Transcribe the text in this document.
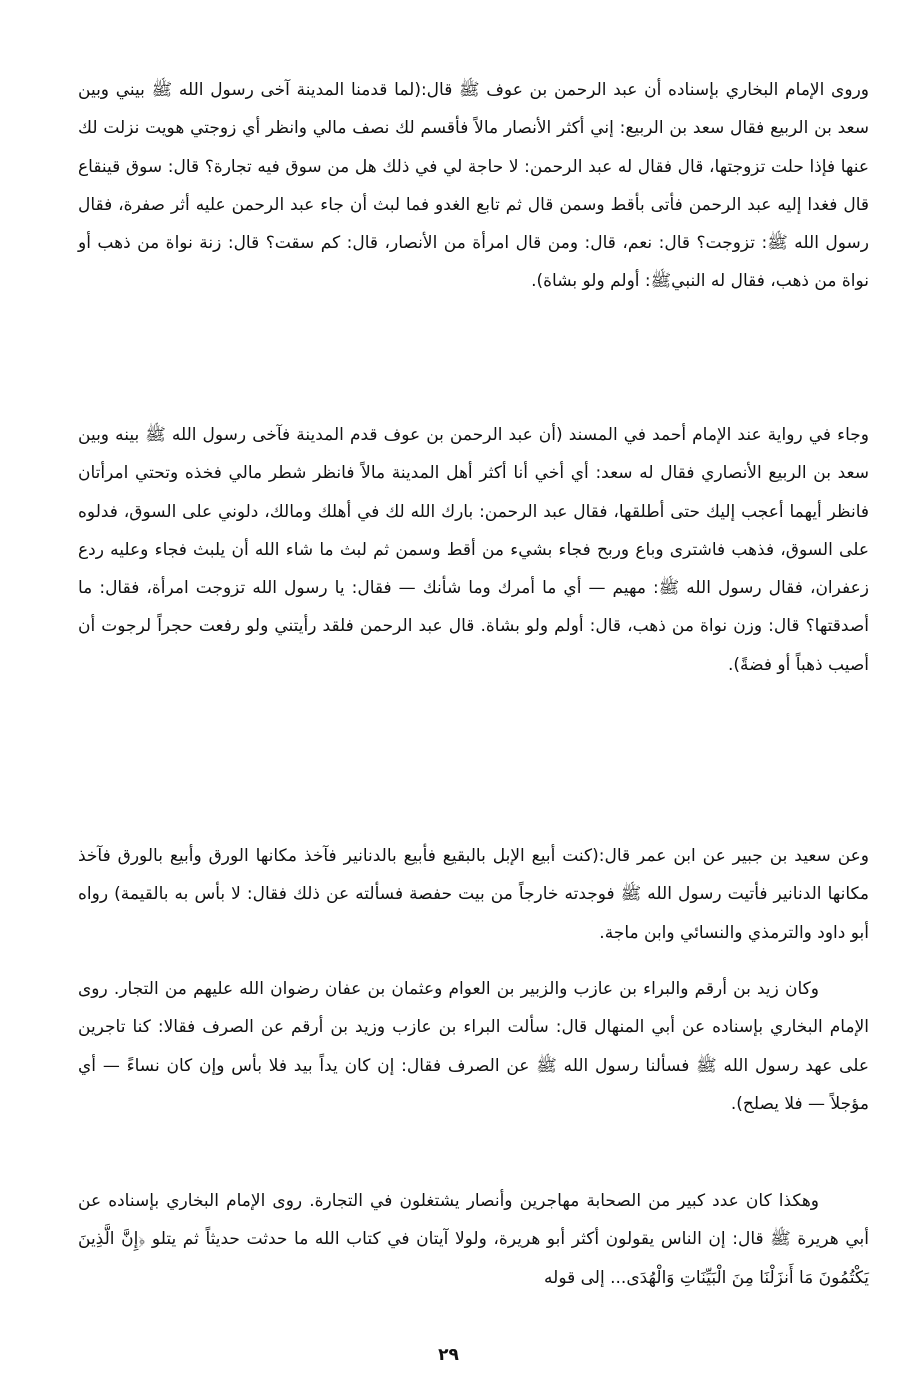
وروى الإمام البخاري بإسناده أن عبد الرحمن بن عوف ﷺ قال:(لما قدمنا المدينة آخى رسول الله ﷺ بيني وبين سعد بن الربيع فقال سعد بن الربيع: إني أكثر الأنصار مالاً فأقسم لك نصف مالي وانظر أي زوجتي هويت نزلت لك عنها فإذا حلت تزوجتها، قال فقال له عبد الرحمن: لا حاجة لي في ذلك هل من سوق فيه تجارة؟ قال: سوق قينقاع قال فغدا إليه عبد الرحمن فأتى بأقط وسمن قال ثم تابع الغدو فما لبث أن جاء عبد الرحمن عليه أثر صفرة، فقال رسول الله ﷺ: تزوجت؟ قال: نعم، قال: ومن قال امرأة من الأنصار، قال: كم سقت؟ قال: زنة نواة من ذهب أو نواة من ذهب، فقال له النبيﷺ: أولم ولو بشاة).

وجاء في رواية عند الإمام أحمد في المسند (أن عبد الرحمن بن عوف قدم المدينة فآخى رسول الله ﷺ بينه وبين سعد بن الربيع الأنصاري فقال له سعد: أي أخي أنا أكثر أهل المدينة مالاً فانظر شطر مالي فخذه وتحتي امرأتان فانظر أيهما أعجب إليك حتى أطلقها، فقال عبد الرحمن: بارك الله لك في أهلك ومالك، دلوني على السوق، فدلوه على السوق، فذهب فاشترى وباع وربح فجاء بشيء من أقط وسمن ثم لبث ما شاء الله أن يلبث فجاء وعليه ردع زعفران، فقال رسول الله ﷺ: مهيم — أي ما أمرك وما شأنك — فقال: يا رسول الله تزوجت امرأة، فقال: ما أصدقتها؟ قال: وزن نواة من ذهب، قال: أولم ولو بشاة. قال عبد الرحمن فلقد رأيتني ولو رفعت حجراً لرجوت أن أصيب ذهباً أو فضةً).

وعن سعيد بن جبير عن ابن عمر قال:(كنت أبيع الإبل بالبقيع فأبيع بالدنانير فآخذ مكانها الورق وأبيع بالورق فآخذ مكانها الدنانير فأتيت رسول الله ﷺ فوجدته خارجاً من بيت حفصة فسألته عن ذلك فقال: لا بأس به بالقيمة) رواه أبو داود والترمذي والنسائي وابن ماجة.

وكان زيد بن أرقم والبراء بن عازب والزبير بن العوام وعثمان بن عفان رضوان الله عليهم من التجار. روى الإمام البخاري بإسناده عن أبي المنهال قال: سألت البراء بن عازب وزيد بن أرقم عن الصرف فقالا: كنا تاجرين على عهد رسول الله ﷺ فسألنا رسول الله ﷺ عن الصرف فقال: إن كان يداً بيد فلا بأس وإن كان نساءً — أي مؤجلاً — فلا يصلح).

وهكذا كان عدد كبير من الصحابة مهاجرين وأنصار يشتغلون في التجارة. روى الإمام البخاري بإسناده عن أبي هريرة ﷺ قال: إن الناس يقولون أكثر أبو هريرة، ولولا آيتان في كتاب الله ما حدثت حديثاً ثم يتلو ﴿إِنَّ الَّذِينَ يَكْتُمُونَ مَا أَنزَلْنَا مِنَ الْبَيِّنَاتِ وَالْهُدَى... إلى قوله

٢٩
